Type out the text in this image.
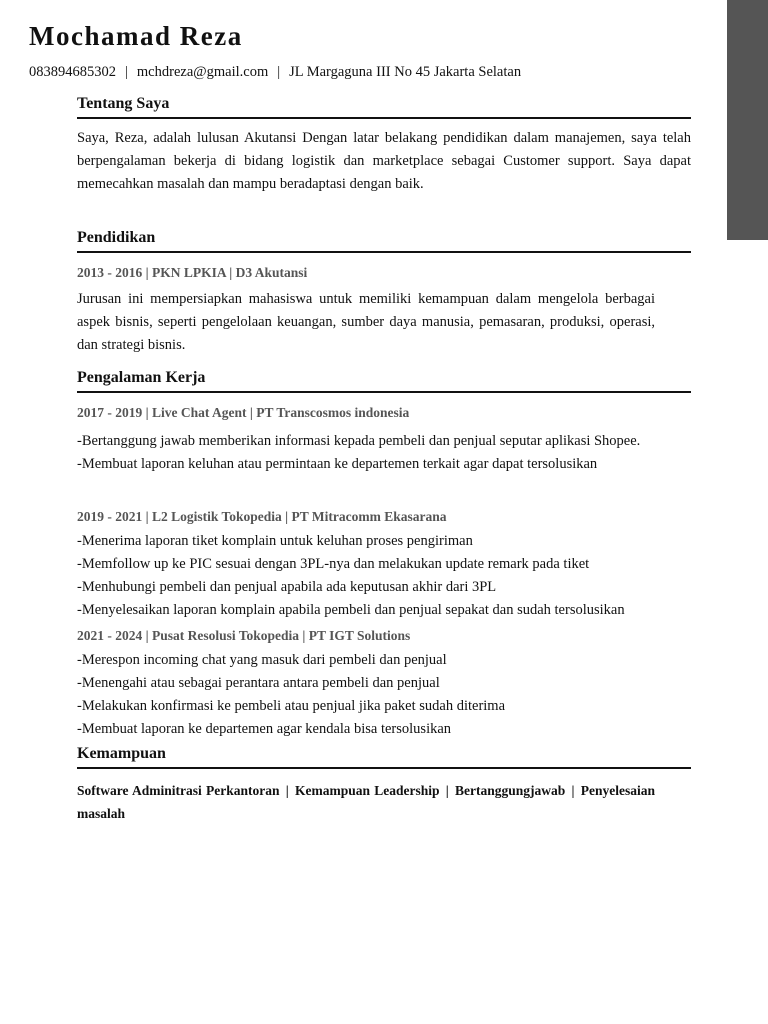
Mochamad Reza
083894685302 | mchdreza@gmail.com | JL Margaguna III No 45 Jakarta Selatan
Tentang Saya

Saya, Reza, adalah lulusan Akutansi Dengan latar belakang pendidikan dalam manajemen, saya telah berpengalaman bekerja di bidang logistik dan marketplace sebagai Customer support. Saya dapat memecahkan masalah dan mampu beradaptasi dengan baik.

Pendidikan
2013 - 2016 | PKN LPKIA | D3 Akutansi

Jurusan ini mempersiapkan mahasiswa untuk memiliki kemampuan dalam mengelola berbagai aspek bisnis, seperti pengelolaan keuangan, sumber daya manusia, pemasaran, produksi, operasi, dan strategi bisnis.

Pengalaman Kerja
2017 - 2019 | Live Chat Agent | PT Transcosmos indonesia
-Bertanggung jawab memberikan informasi kepada pembeli dan penjual seputar aplikasi Shopee.
-Membuat laporan keluhan atau permintaan ke departemen terkait agar dapat tersolusikan
2019 - 2021 | L2 Logistik Tokopedia | PT Mitracomm Ekasarana
-Menerima laporan tiket komplain untuk keluhan proses pengiriman
-Memfollow up ke PIC sesuai dengan 3PL-nya dan melakukan update remark pada tiket
-Menhubungi pembeli dan penjual apabila ada keputusan akhir dari 3PL
-Menyelesaikan laporan komplain apabila pembeli dan penjual sepakat dan sudah tersolusikan
2021 - 2024 | Pusat Resolusi Tokopedia | PT IGT Solutions
-Merespon incoming chat yang masuk dari pembeli dan penjual
-Menengahi atau sebagai perantara antara pembeli dan penjual
-Melakukan konfirmasi ke pembeli atau penjual jika paket sudah diterima
-Membuat laporan ke departemen agar kendala bisa tersolusikan
Kemampuan

Software Adminitrasi Perkantoran | Kemampuan Leadership | Bertanggungjawab | Penyelesaian masalah
